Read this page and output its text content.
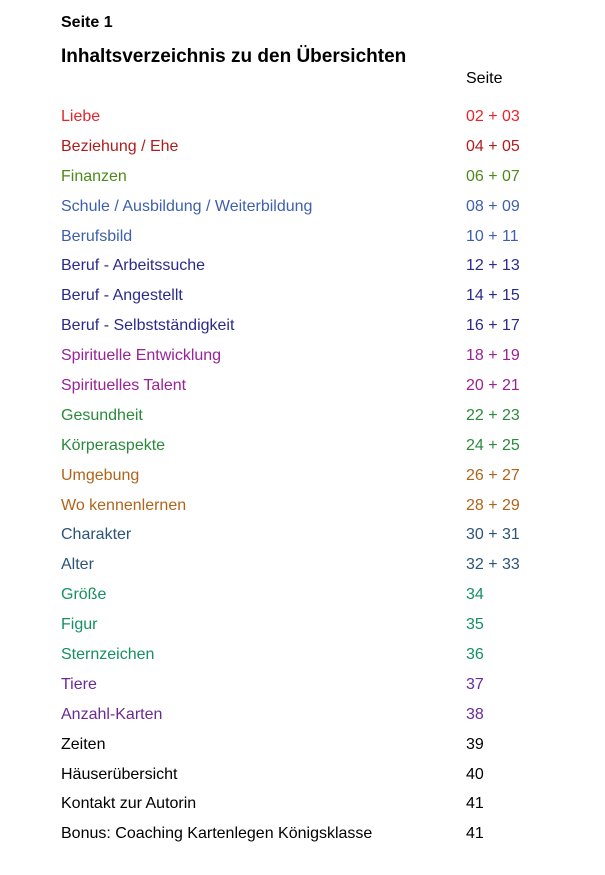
Seite 1

Inhaltsverzeichnis zu den Übersichten
Seite
Liebe	02 + 03
Beziehung / Ehe	04 + 05
Finanzen	06 + 07
Schule / Ausbildung / Weiterbildung	08 + 09
Berufsbild	10 + 11
Beruf - Arbeitssuche	12 + 13
Beruf - Angestellt	14 + 15
Beruf - Selbstständigkeit	16 + 17
Spirituelle Entwicklung	18 + 19
Spirituelles Talent	20 + 21
Gesundheit	22 + 23
Körperaspekte	24 + 25
Umgebung	26 + 27
Wo kennenlernen	28 + 29
Charakter	30 + 31
Alter	32 + 33
Größe	34
Figur	35
Sternzeichen	36
Tiere	37
Anzahl-Karten	38
Zeiten	39
Häuserübersicht	40
Kontakt zur Autorin	41
Bonus: Coaching Kartenlegen Königsklasse	41
